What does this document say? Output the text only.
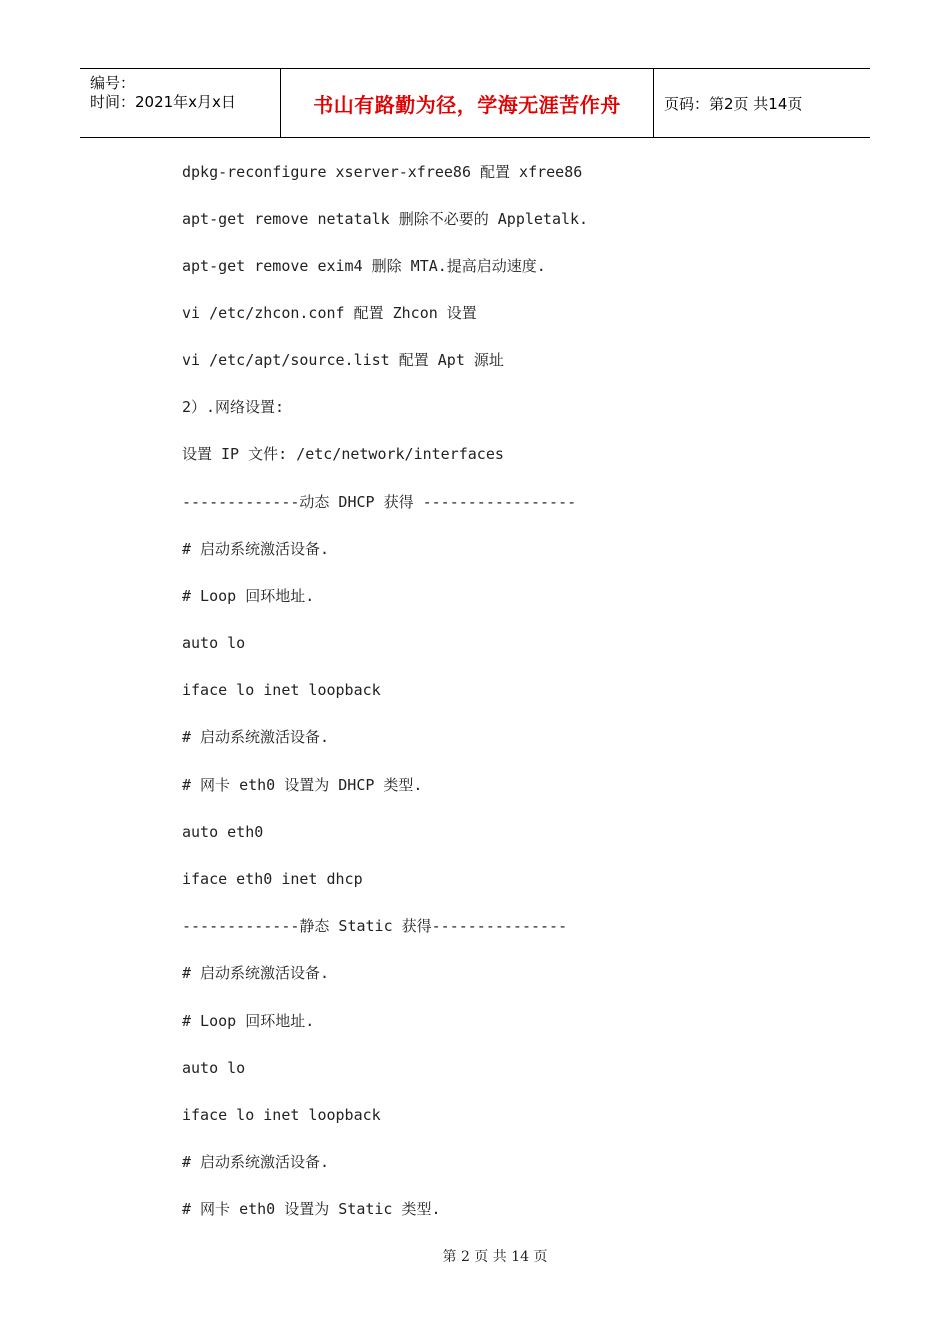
编号：
时间：2021年x月x日	书山有路勤为径，学海无涯苦作舟	页码：第2页 共14页
dpkg-reconfigure xserver-xfree86 配置 xfree86
apt-get remove netatalk 删除不必要的 Appletalk.
apt-get remove exim4 删除 MTA.提高启动速度.
vi /etc/zhcon.conf 配置 Zhcon 设置
vi /etc/apt/source.list 配置 Apt 源址
2）.网络设置:
设置 IP 文件: /etc/network/interfaces
-------------动态 DHCP 获得 -----------------
# 启动系统激活设备.
# Loop 回环地址.
auto lo
iface lo inet loopback
# 启动系统激活设备.
# 网卡 eth0 设置为 DHCP 类型.
auto eth0
iface eth0 inet dhcp
-------------静态 Static 获得---------------
# 启动系统激活设备.
# Loop 回环地址.
auto lo
iface lo inet loopback
# 启动系统激活设备.
# 网卡 eth0 设置为 Static 类型.
第 2 页 共 14 页
